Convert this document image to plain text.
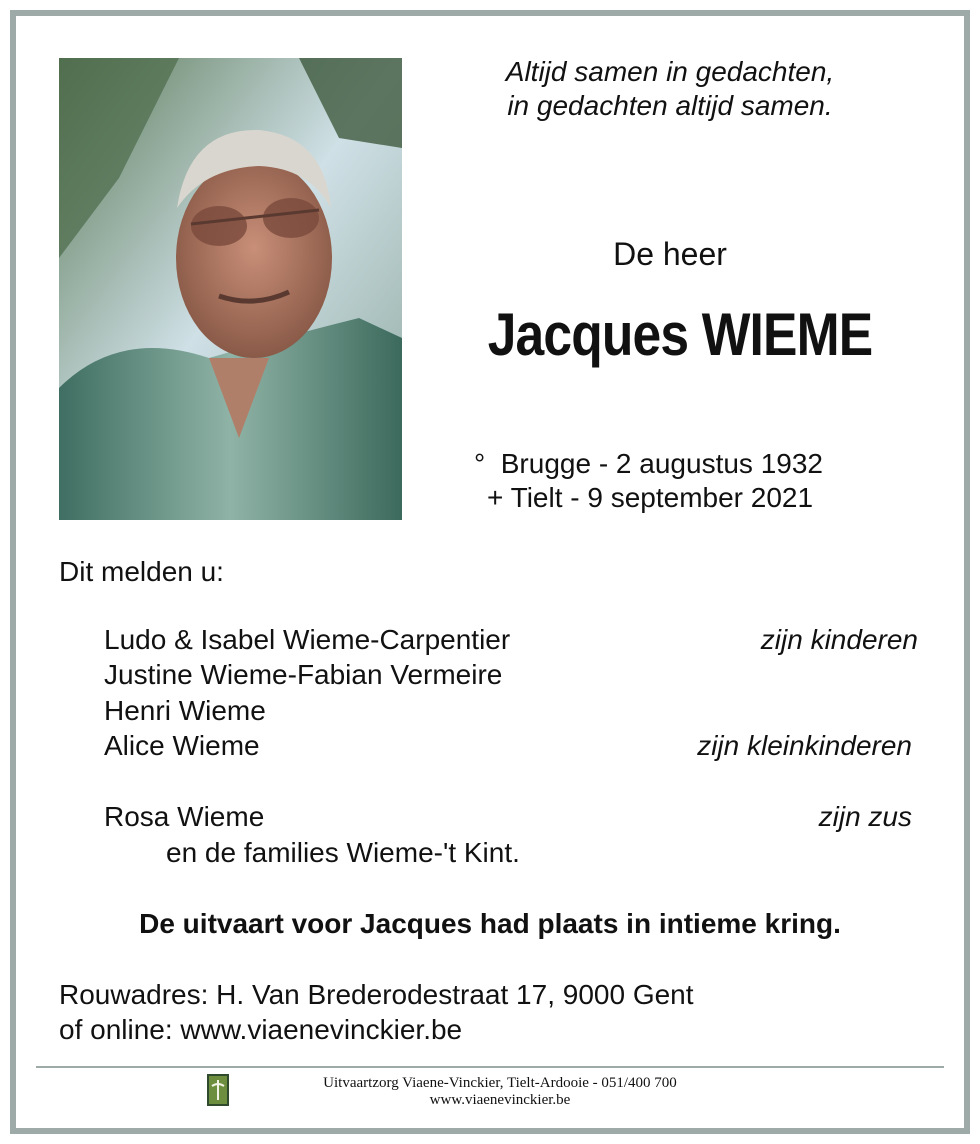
Altijd samen in gedachten,
in gedachten altijd samen.
De heer
Jacques WIEME
°  Brugge - 2 augustus 1932
+ Tielt - 9 september 2021
Dit melden u:
Ludo & Isabel Wieme-Carpentier	zijn kinderen
Justine Wieme-Fabian Vermeire
Henri Wieme
Alice Wieme	zijn kleinkinderen
Rosa Wieme	zijn zus
en de families Wieme-'t Kint.
De uitvaart voor Jacques had plaats in intieme kring.
Rouwadres: H. Van Brederodestraat 17, 9000 Gent
of online: www.viaenevinckier.be
Uitvaartzorg Viaene-Vinckier, Tielt-Ardooie - 051/400 700
www.viaenevinckier.be
